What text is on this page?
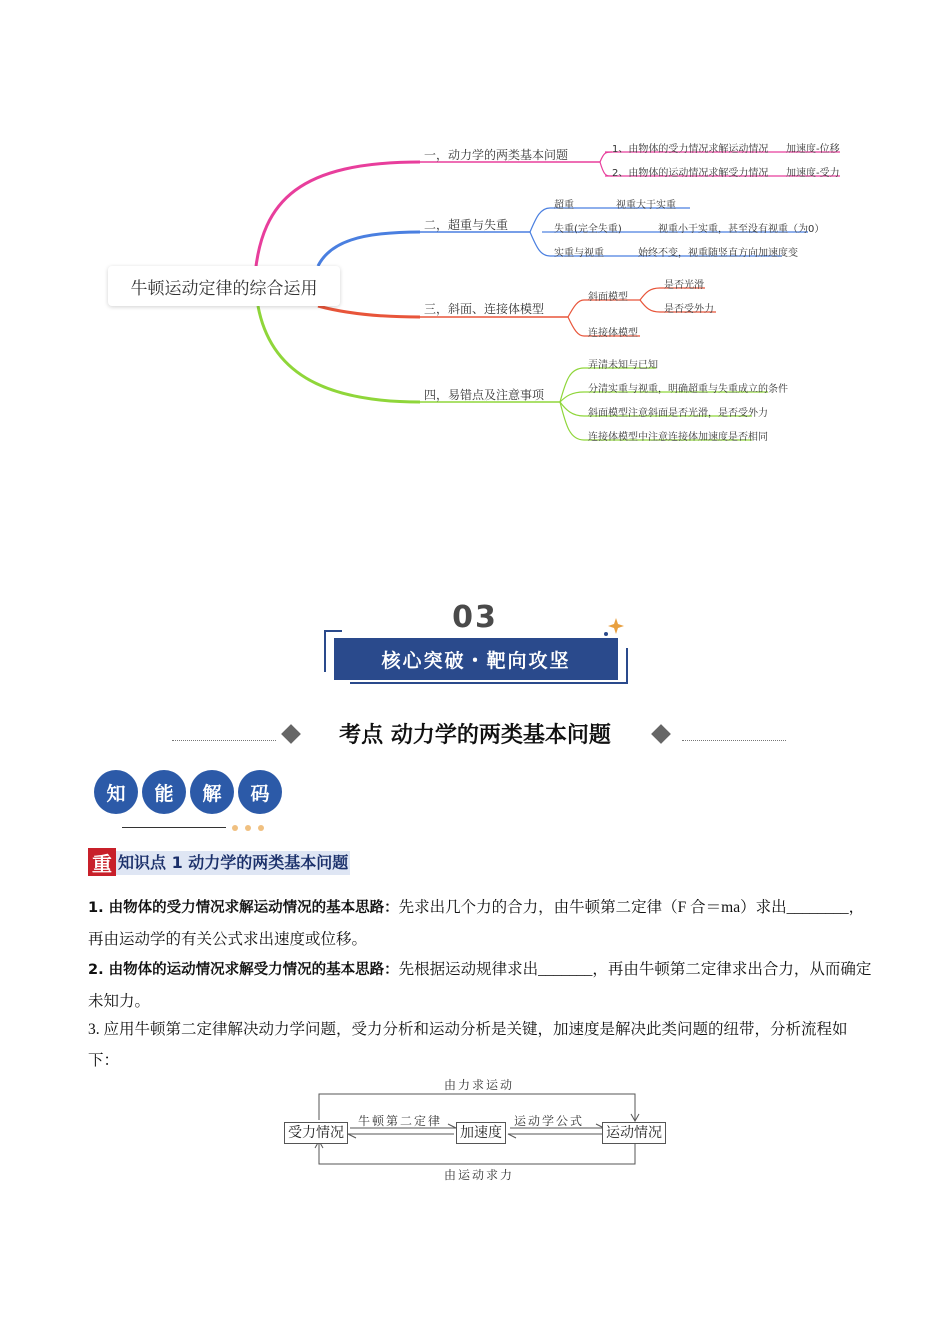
牛顿运动定律的综合运用
一，动力学的两类基本问题	1、由物体的受力情况求解运动情况 加速度-位移
2、由物体的运动情况求解受力情况 加速度-受力
二，超重与失重
超重	视重大于实重
失重(完全失重)	视重小于实重，甚至没有视重（为0）
实重与视重	始终不变，视重随竖直方向加速度变
三，斜面、连接体模型
斜面模型
是否光滑
是否受外力
连接体模型
四，易错点及注意事项
弄清未知与已知
分清实重与视重，明确超重与失重成立的条件
斜面模型注意斜面是否光滑，是否受外力
连接体模型中注意连接体加速度是否相同
03
核心突破・靶向攻坚
考点 动力学的两类基本问题
知	能	解	码
重 知识点 1 动力学的两类基本问题
1. 由物体的受力情况求解运动情况的基本思路：先求出几个力的合力，由牛顿第二定律（F 合＝ma）求出________，再由运动学的有关公式求出速度或位移。
2. 由物体的运动情况求解受力情况的基本思路：先根据运动规律求出_______，再由牛顿第二定律求出合力，从而确定未知力。
3. 应用牛顿第二定律解决动力学问题，受力分析和运动分析是关键，加速度是解决此类问题的纽带，分析流程如下：
由力求运动
由运动求力
牛顿第二定律	运动学公式
受力情况	加速度	运动情况
